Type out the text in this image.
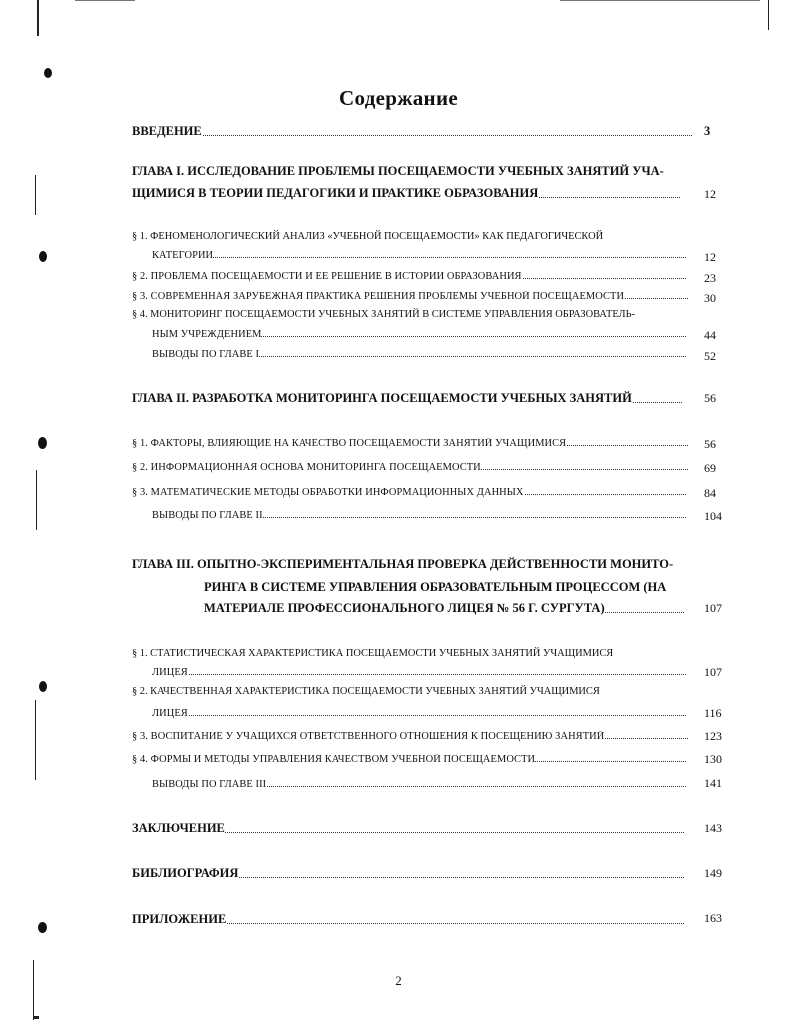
Содержание
ВВЕДЕНИЕ	3
ГЛАВА I. ИССЛЕДОВАНИЕ ПРОБЛЕМЫ ПОСЕЩАЕМОСТИ УЧЕБНЫХ ЗАНЯТИЙ УЧА-
ЩИМИСЯ В ТЕОРИИ ПЕДАГОГИКИ И ПРАКТИКЕ ОБРАЗОВАНИЯ	12
§ 1. ФЕНОМЕНОЛОГИЧЕСКИЙ АНАЛИЗ «УЧЕБНОЙ ПОСЕЩАЕМОСТИ» КАК ПЕДАГОГИЧЕСКОЙ
КАТЕГОРИИ	12
§ 2. ПРОБЛЕМА ПОСЕЩАЕМОСТИ И ЕЕ РЕШЕНИЕ В ИСТОРИИ ОБРАЗОВАНИЯ	23
§ 3. СОВРЕМЕННАЯ ЗАРУБЕЖНАЯ ПРАКТИКА РЕШЕНИЯ ПРОБЛЕМЫ УЧЕБНОЙ ПОСЕЩАЕМОСТИ	30
§ 4. МОНИТОРИНГ ПОСЕЩАЕМОСТИ УЧЕБНЫХ ЗАНЯТИЙ В СИСТЕМЕ УПРАВЛЕНИЯ ОБРАЗОВАТЕЛЬ-
НЫМ УЧРЕЖДЕНИЕМ	44
ВЫВОДЫ ПО ГЛАВЕ I	52
ГЛАВА II. РАЗРАБОТКА МОНИТОРИНГА ПОСЕЩАЕМОСТИ УЧЕБНЫХ ЗАНЯТИЙ	56
§ 1. ФАКТОРЫ, ВЛИЯЮЩИЕ НА КАЧЕСТВО ПОСЕЩАЕМОСТИ ЗАНЯТИЙ УЧАЩИМИСЯ	56
§ 2. ИНФОРМАЦИОННАЯ ОСНОВА МОНИТОРИНГА ПОСЕЩАЕМОСТИ	69
§ 3. МАТЕМАТИЧЕСКИЕ МЕТОДЫ ОБРАБОТКИ ИНФОРМАЦИОННЫХ ДАННЫХ	84
ВЫВОДЫ ПО ГЛАВЕ II	104
ГЛАВА III. ОПЫТНО-ЭКСПЕРИМЕНТАЛЬНАЯ ПРОВЕРКА ДЕЙСТВЕННОСТИ МОНИТО-
РИНГА В СИСТЕМЕ УПРАВЛЕНИЯ ОБРАЗОВАТЕЛЬНЫМ ПРОЦЕССОМ (НА
МАТЕРИАЛЕ ПРОФЕССИОНАЛЬНОГО ЛИЦЕЯ № 56 Г. СУРГУТА)	107
§ 1. СТАТИСТИЧЕСКАЯ ХАРАКТЕРИСТИКА ПОСЕЩАЕМОСТИ УЧЕБНЫХ ЗАНЯТИЙ УЧАЩИМИСЯ
ЛИЦЕЯ	107
§ 2. КАЧЕСТВЕННАЯ ХАРАКТЕРИСТИКА ПОСЕЩАЕМОСТИ УЧЕБНЫХ ЗАНЯТИЙ УЧАЩИМИСЯ
ЛИЦЕЯ	116
§ 3. ВОСПИТАНИЕ У УЧАЩИХСЯ ОТВЕТСТВЕННОГО ОТНОШЕНИЯ К ПОСЕЩЕНИЮ ЗАНЯТИЙ	123
§ 4. ФОРМЫ И МЕТОДЫ УПРАВЛЕНИЯ КАЧЕСТВОМ УЧЕБНОЙ ПОСЕЩАЕМОСТИ	130
ВЫВОДЫ ПО ГЛАВЕ III	141
ЗАКЛЮЧЕНИЕ	143
БИБЛИОГРАФИЯ	149
ПРИЛОЖЕНИЕ	163
2
